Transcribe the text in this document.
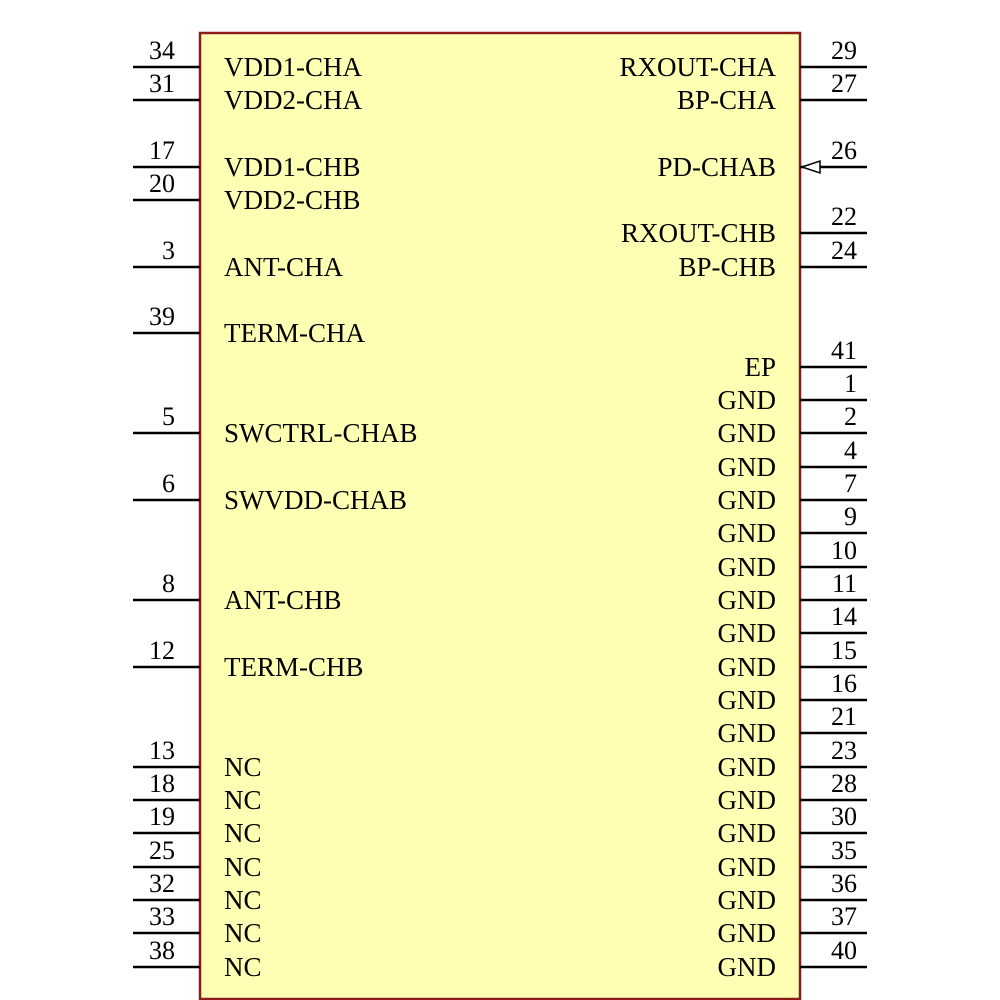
34
VDD1-CHA
31
VDD2-CHA
17
VDD1-CHB
20
VDD2-CHB
3
ANT-CHA
39
TERM-CHA
5
SWCTRL-CHAB
6
SWVDD-CHAB
8
ANT-CHB
12
TERM-CHB
13
NC
18
NC
19
NC
25
NC
32
NC
33
NC
38
NC
29
RXOUT-CHA
27
BP-CHA
26
PD-CHAB
22
RXOUT-CHB
24
BP-CHB
41
EP
1
GND
2
GND
4
GND
7
GND
9
GND
10
GND
11
GND
14
GND
15
GND
16
GND
21
GND
23
GND
28
GND
30
GND
35
GND
36
GND
37
GND
40
GND
